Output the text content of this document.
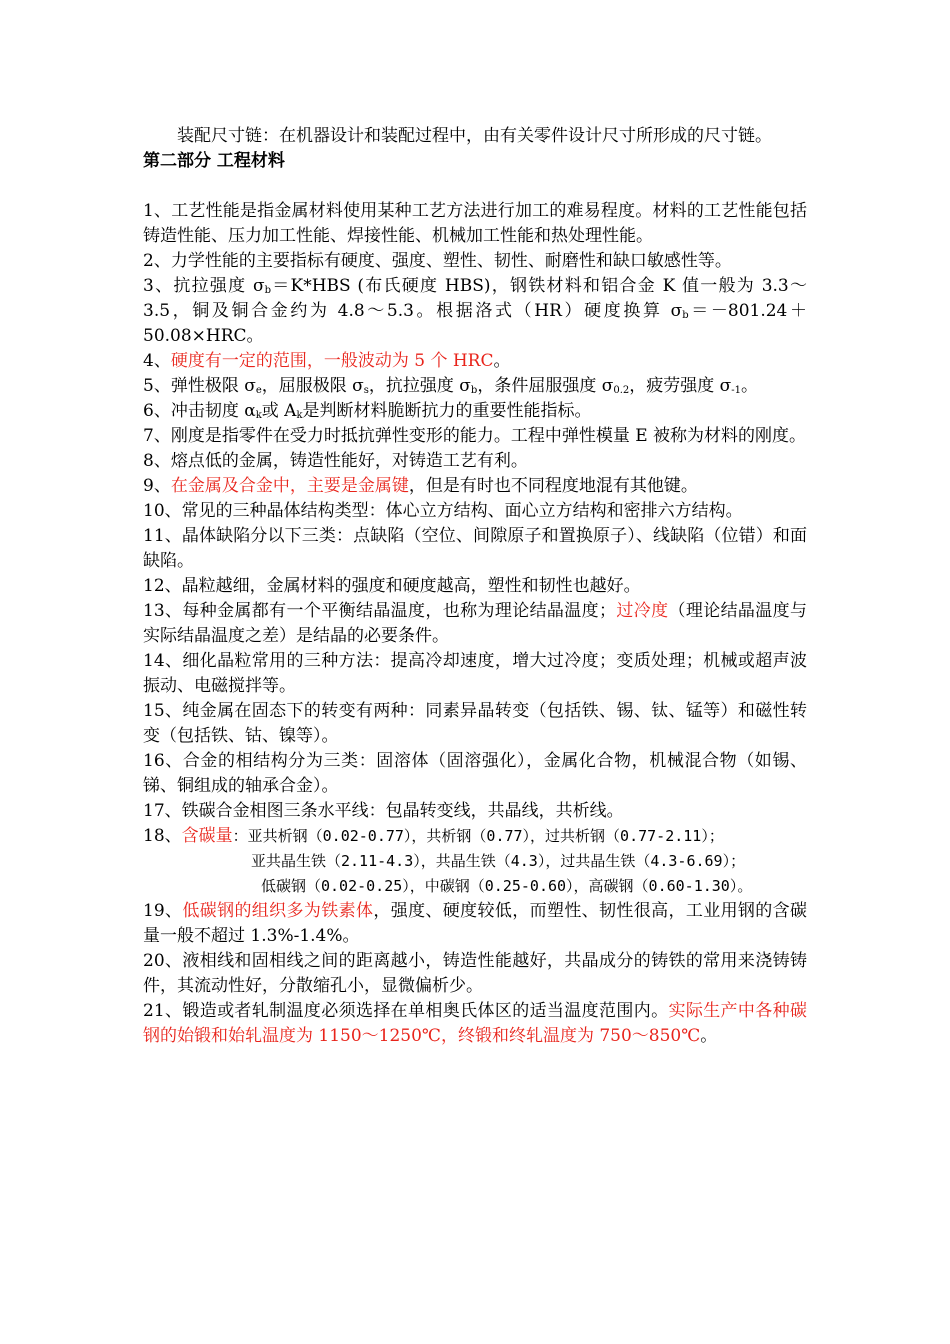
装配尺寸链：在机器设计和装配过程中，由有关零件设计尺寸所形成的尺寸链。

第二部分 工程材料

1、工艺性能是指金属材料使用某种工艺方法进行加工的难易程度。材料的工艺性能包括铸造性能、压力加工性能、焊接性能、机械加工性能和热处理性能。

2、力学性能的主要指标有硬度、强度、塑性、韧性、耐磨性和缺口敏感性等。

3、抗拉强度 $\sigma_b=K*HBS$ (布氏硬度 HBS)，钢铁材料和铝合金 K 值一般为 3.3～3.5，铜及铜合金约为 4.8～5.3。根据洛式（HR）硬度换算 $\sigma_b=-801.24+50.08\times HRC$。

4、硬度有一定的范围，一般波动为 5 个 HRC。

5、弹性极限 $\sigma_e$，屈服极限 $\sigma_s$，抗拉强度 $\sigma_b$，条件屈服强度 $\sigma_{0.2}$，疲劳强度 $\sigma_{-1}$。

6、冲击韧度 $\alpha_k$或 $A_k$是判断材料脆断抗力的重要性能指标。

7、刚度是指零件在受力时抵抗弹性变形的能力。工程中弹性模量 E 被称为材料的刚度。

8、熔点低的金属，铸造性能好，对铸造工艺有利。

9、在金属及合金中，主要是金属键，但是有时也不同程度地混有其他键。

10、常见的三种晶体结构类型：体心立方结构、面心立方结构和密排六方结构。

11、晶体缺陷分以下三类：点缺陷（空位、间隙原子和置换原子）、线缺陷（位错）和面缺陷。

12、晶粒越细，金属材料的强度和硬度越高，塑性和韧性也越好。

13、每种金属都有一个平衡结晶温度，也称为理论结晶温度；过冷度（理论结晶温度与实际结晶温度之差）是结晶的必要条件。

14、细化晶粒常用的三种方法：提高冷却速度，增大过冷度；变质处理；机械或超声波振动、电磁搅拌等。

15、纯金属在固态下的转变有两种：同素异晶转变（包括铁、锡、钛、锰等）和磁性转变（包括铁、钴、镍等）。

16、合金的相结构分为三类：固溶体（固溶强化），金属化合物，机械混合物（如锡、锑、铜组成的轴承合金）。

17、铁碳合金相图三条水平线：包晶转变线，共晶线，共析线。

18、含碳量：亚共析钢（0.02-0.77），共析钢（0.77），过共析钢（0.77-2.11）；

亚共晶生铁（2.11-4.3），共晶生铁（4.3），过共晶生铁（4.3-6.69）；

低碳钢（0.02-0.25），中碳钢（0.25-0.60），高碳钢（0.60-1.30）。

19、低碳钢的组织多为铁素体，强度、硬度较低，而塑性、韧性很高，工业用钢的含碳量一般不超过 1.3%-1.4%。

20、液相线和固相线之间的距离越小，铸造性能越好，共晶成分的铸铁的常用来浇铸铸件，其流动性好，分散缩孔小，显微偏析少。

21、锻造或者轧制温度必须选择在单相奥氏体区的适当温度范围内。实际生产中各种碳钢的始锻和始轧温度为 1150～1250℃，终锻和终轧温度为 750～850℃。
